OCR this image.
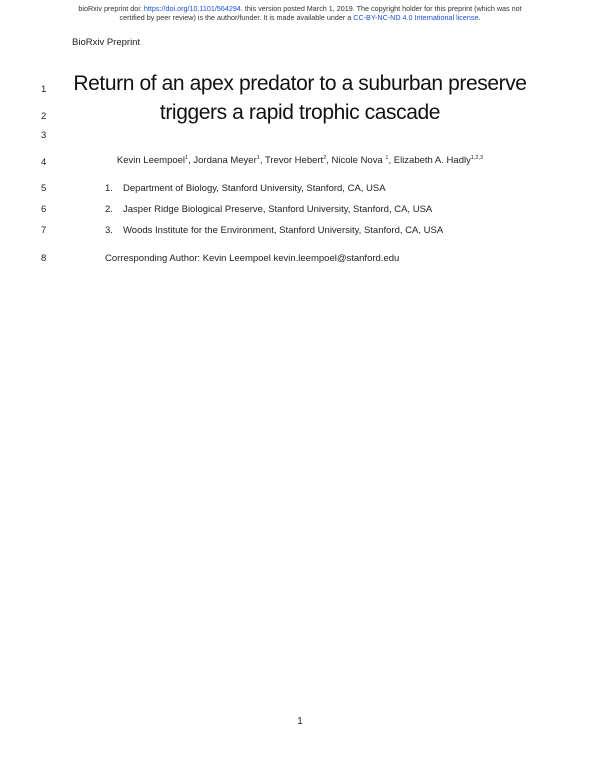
bioRxiv preprint doi: https://doi.org/10.1101/564294. this version posted March 1, 2019. The copyright holder for this preprint (which was not
certified by peer review) is the author/funder. It is made available under a CC-BY-NC-ND 4.0 International license.
BioRxiv Preprint
1
2
3
4
5
6
7
8
Return of an apex predator to a suburban preserve
triggers a rapid trophic cascade
Kevin Leempoel$^1$, Jordana Meyer$^1$, Trevor Hebert$^2$, Nicole Nova $^1$, Elizabeth A. Hadly$^{1,2,3}$
1. Department of Biology, Stanford University, Stanford, CA, USA
2. Jasper Ridge Biological Preserve, Stanford University, Stanford, CA, USA
3. Woods Institute for the Environment, Stanford University, Stanford, CA, USA
Corresponding Author: Kevin Leempoel kevin.leempoel@stanford.edu
1
